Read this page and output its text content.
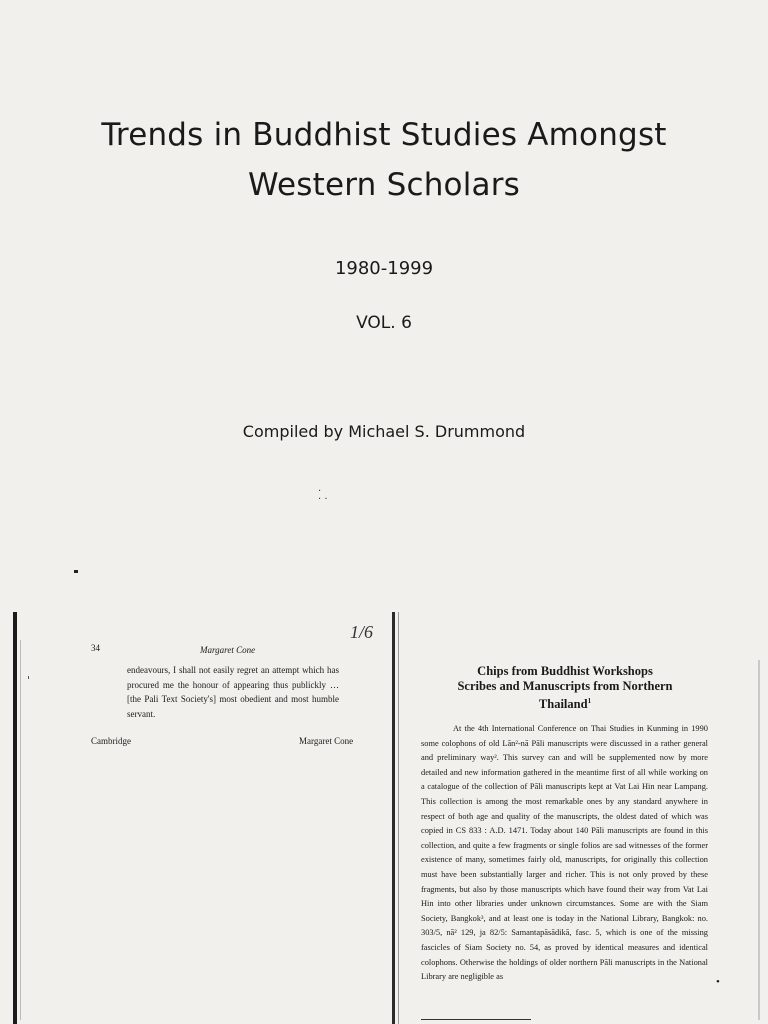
Trends in Buddhist Studies Amongst
Western Scholars
1980-1999
VOL. 6
Compiled by Michael S. Drummond
·
· ·
34	Margaret Cone
1/6

endeavours, I shall not easily regret an attempt which has procured me the honour of appearing thus publickly … [the Pali Text Society's] most obedient and most humble servant.

Cambridge	Margaret Cone
Chips from Buddhist Workshops
Scribes and Manuscripts from Northern
Thailand$^1$

At the 4th International Conference on Thai Studies in Kunming in 1990 some colophons of old Lān²-nā Pāli manuscripts were discussed in a rather general and preliminary way². This survey can and will be supplemented now by more detailed and new information gathered in the meantime first of all while working on a catalogue of the collection of Pāli manuscripts kept at Vat Lai Hin near Lampang. This collection is among the most remarkable ones by any standard anywhere in respect of both age and quality of the manuscripts, the oldest dated of which was copied in CS 833 : A.D. 1471. Today about 140 Pāli manuscripts are found in this collection, and quite a few fragments or single folios are sad witnesses of the former existence of many, sometimes fairly old, manuscripts, for originally this collection must have been substantially larger and richer. This is not only proved by these fragments, but also by those manuscripts which have found their way from Vat Lai Hin into other libraries under unknown circumstances. Some are with the Siam Society, Bangkok³, and at least one is today in the National Library, Bangkok: no. 303/5, nā² 129, ja 82/5: Samantapāsādikā, fasc. 5, which is one of the missing fascicles of Siam Society no. 54, as proved by identical measures and identical colophons. Otherwise the holdings of older northern Pāli manuscripts in the National Library are negligible as	•
